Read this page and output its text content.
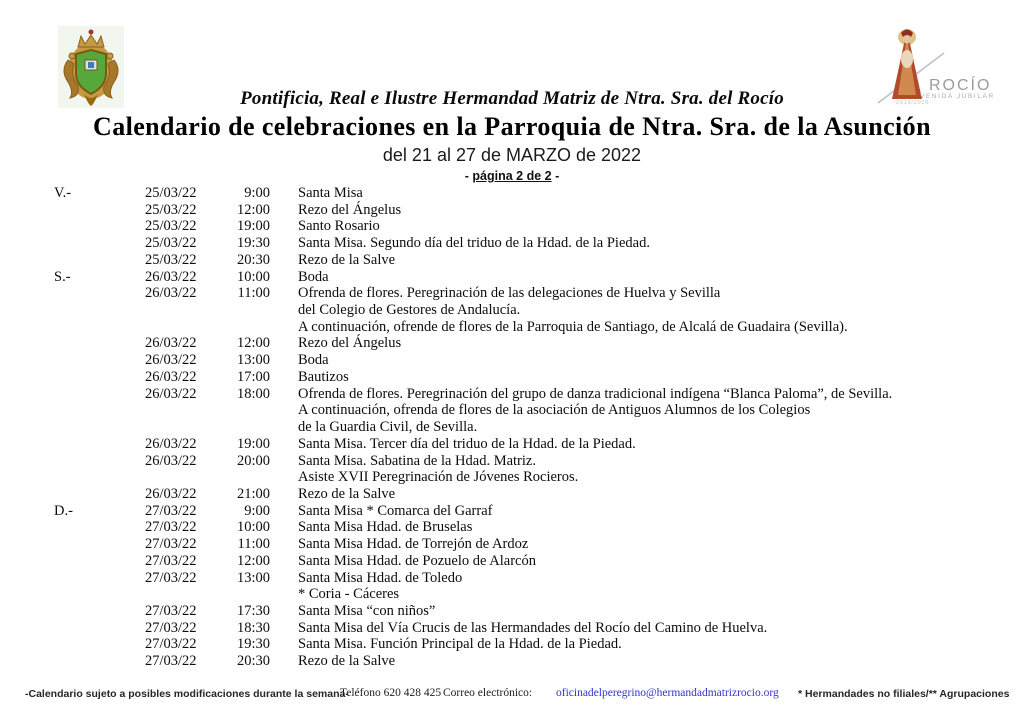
ROCÍO
VENIDA JUBILAR
2019/2020
Pontificia, Real e Ilustre Hermandad Matriz de Ntra. Sra. del Rocío
Calendario de celebraciones en la Parroquia de Ntra. Sra. de la Asunción
del 21 al 27 de MARZO de 2022
- página 2 de 2 -
V.-	25/03/22	9:00 Santa Misa
25/03/22	12:00 Rezo del Ángelus
25/03/22	19:00 Santo Rosario
25/03/22	19:30 Santa Misa. Segundo día del triduo de la Hdad. de la Piedad.
25/03/22	20:30 Rezo de la Salve
S.-	26/03/22	10:00 Boda
26/03/22	11:00 Ofrenda de flores. Peregrinación de las delegaciones de Huelva y Sevilla
del Colegio de Gestores de Andalucía.
A continuación, ofrende de flores de la Parroquia de Santiago, de Alcalá de Guadaira (Sevilla).
26/03/22	12:00 Rezo del Ángelus
26/03/22	13:00 Boda
26/03/22	17:00 Bautizos
26/03/22	18:00 Ofrenda de flores. Peregrinación del grupo de danza tradicional indígena “Blanca Paloma”, de Sevilla.
A continuación, ofrenda de flores de la asociación de Antiguos Alumnos de los Colegios
de la Guardia Civil, de Sevilla.
26/03/22	19:00 Santa Misa. Tercer día del triduo de la Hdad. de la Piedad.
26/03/22	20:00 Santa Misa. Sabatina de la Hdad. Matriz.
Asiste XVII Peregrinación de Jóvenes Rocieros.
26/03/22	21:00 Rezo de la Salve
D.-	27/03/22	9:00 Santa Misa * Comarca del Garraf
27/03/22	10:00 Santa Misa Hdad. de Bruselas
27/03/22	11:00 Santa Misa Hdad. de Torrejón de Ardoz
27/03/22	12:00 Santa Misa Hdad. de Pozuelo de Alarcón
27/03/22	13:00 Santa Misa Hdad. de Toledo
* Coria - Cáceres
27/03/22	17:30 Santa Misa “con niños”
27/03/22	18:30 Santa Misa del Vía Crucis de las Hermandades del Rocío del Camino de Huelva.
27/03/22	19:30 Santa Misa. Función Principal de la Hdad. de la Piedad.
27/03/22	20:30 Rezo de la Salve
-Calendario sujeto a posibles modificaciones durante la semana-
Teléfono 620 428 425 Correo electrónico: oficinadelperegrino@hermandadmatrizrocio.org * Hermandades no filiales/** Agrupaciones
